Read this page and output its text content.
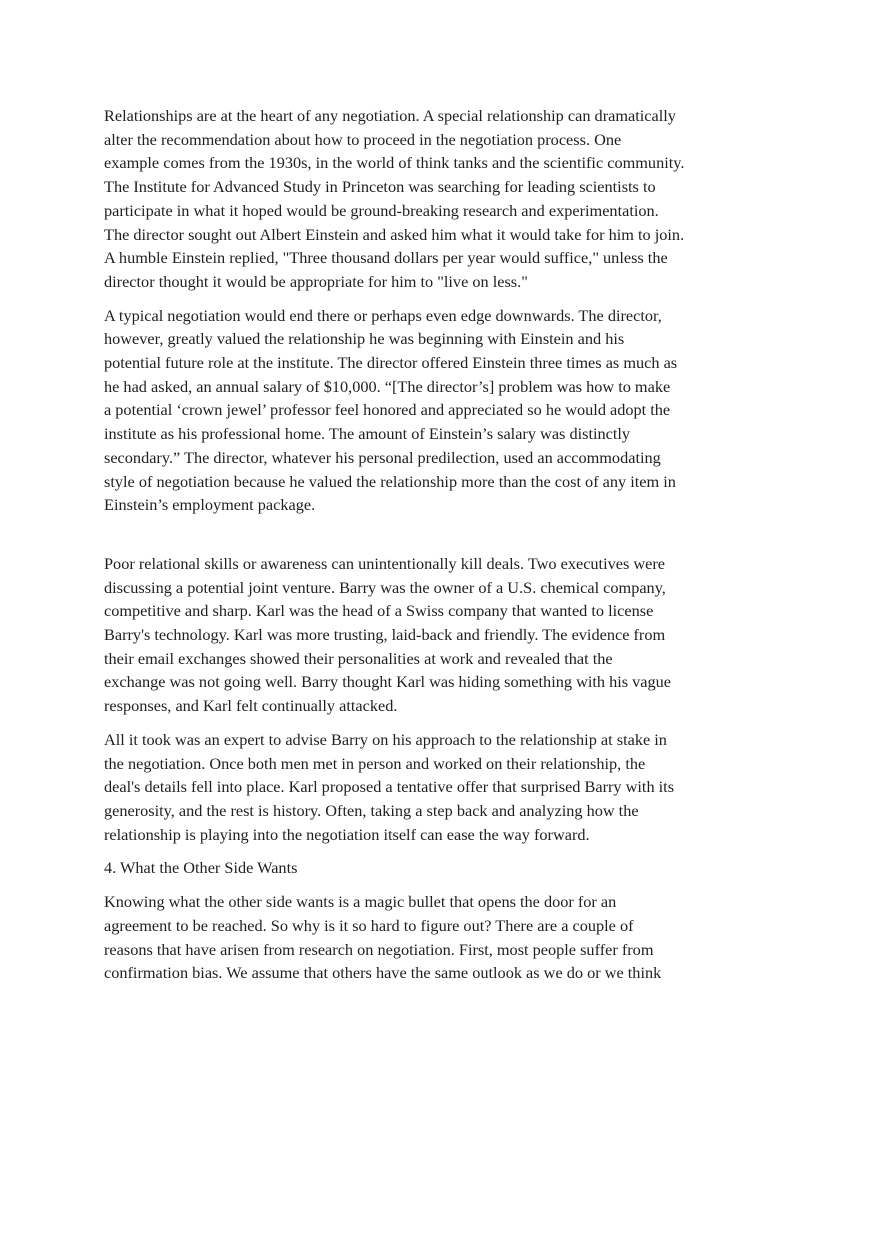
Relationships are at the heart of any negotiation. A special relationship can dramatically
alter the recommendation about how to proceed in the negotiation process. One
example comes from the 1930s, in the world of think tanks and the scientific community.
The Institute for Advanced Study in Princeton was searching for leading scientists to
participate in what it hoped would be ground-breaking research and experimentation.
The director sought out Albert Einstein and asked him what it would take for him to join.
A humble Einstein replied, "Three thousand dollars per year would suffice," unless the
director thought it would be appropriate for him to "live on less."

A typical negotiation would end there or perhaps even edge downwards. The director,
however, greatly valued the relationship he was beginning with Einstein and his
potential future role at the institute. The director offered Einstein three times as much as
he had asked, an annual salary of $10,000. “[The director’s] problem was how to make
a potential ‘crown jewel’ professor feel honored and appreciated so he would adopt the
institute as his professional home. The amount of Einstein’s salary was distinctly
secondary.” The director, whatever his personal predilection, used an accommodating
style of negotiation because he valued the relationship more than the cost of any item in
Einstein’s employment package.

Poor relational skills or awareness can unintentionally kill deals. Two executives were
discussing a potential joint venture. Barry was the owner of a U.S. chemical company,
competitive and sharp. Karl was the head of a Swiss company that wanted to license
Barry's technology. Karl was more trusting, laid-back and friendly. The evidence from
their email exchanges showed their personalities at work and revealed that the
exchange was not going well. Barry thought Karl was hiding something with his vague
responses, and Karl felt continually attacked.

All it took was an expert to advise Barry on his approach to the relationship at stake in
the negotiation. Once both men met in person and worked on their relationship, the
deal's details fell into place. Karl proposed a tentative offer that surprised Barry with its
generosity, and the rest is history. Often, taking a step back and analyzing how the
relationship is playing into the negotiation itself can ease the way forward.

4. What the Other Side Wants

Knowing what the other side wants is a magic bullet that opens the door for an
agreement to be reached. So why is it so hard to figure out? There are a couple of
reasons that have arisen from research on negotiation. First, most people suffer from
confirmation bias. We assume that others have the same outlook as we do or we think
